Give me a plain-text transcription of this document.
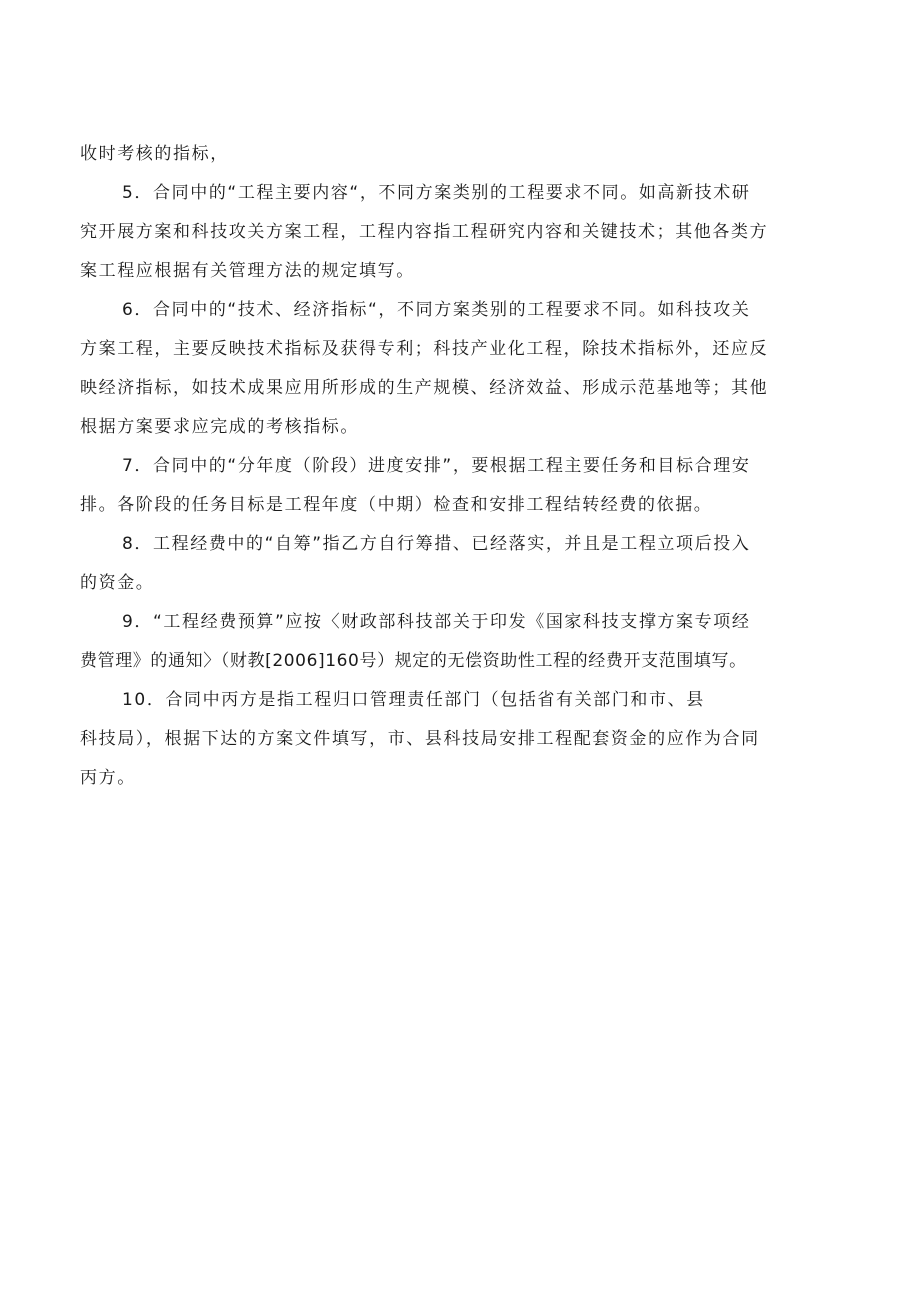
收时考核的指标，
5．合同中的“工程主要内容“，不同方案类别的工程要求不同。如高新技术研
究开展方案和科技攻关方案工程，工程内容指工程研究内容和关键技术；其他各类方
案工程应根据有关管理方法的规定填写。
6．合同中的“技术、经济指标“，不同方案类别的工程要求不同。如科技攻关
方案工程，主要反映技术指标及获得专利；科技产业化工程，除技术指标外，还应反
映经济指标，如技术成果应用所形成的生产规模、经济效益、形成示范基地等；其他
根据方案要求应完成的考核指标。
7．合同中的“分年度（阶段）进度安排”，要根据工程主要任务和目标合理安
排。各阶段的任务目标是工程年度（中期）检查和安排工程结转经费的依据。
8．工程经费中的“自筹”指乙方自行筹措、已经落实，并且是工程立项后投入
的资金。
9．“工程经费预算”应按〈财政部科技部关于印发《国家科技支撑方案专项经
费管理》的通知〉（财教[2006]160号）规定的无偿资助性工程的经费开支范围填写。
10．合同中丙方是指工程归口管理责任部门（包括省有关部门和市、县
科技局），根据下达的方案文件填写，市、县科技局安排工程配套资金的应作为合同
丙方。
